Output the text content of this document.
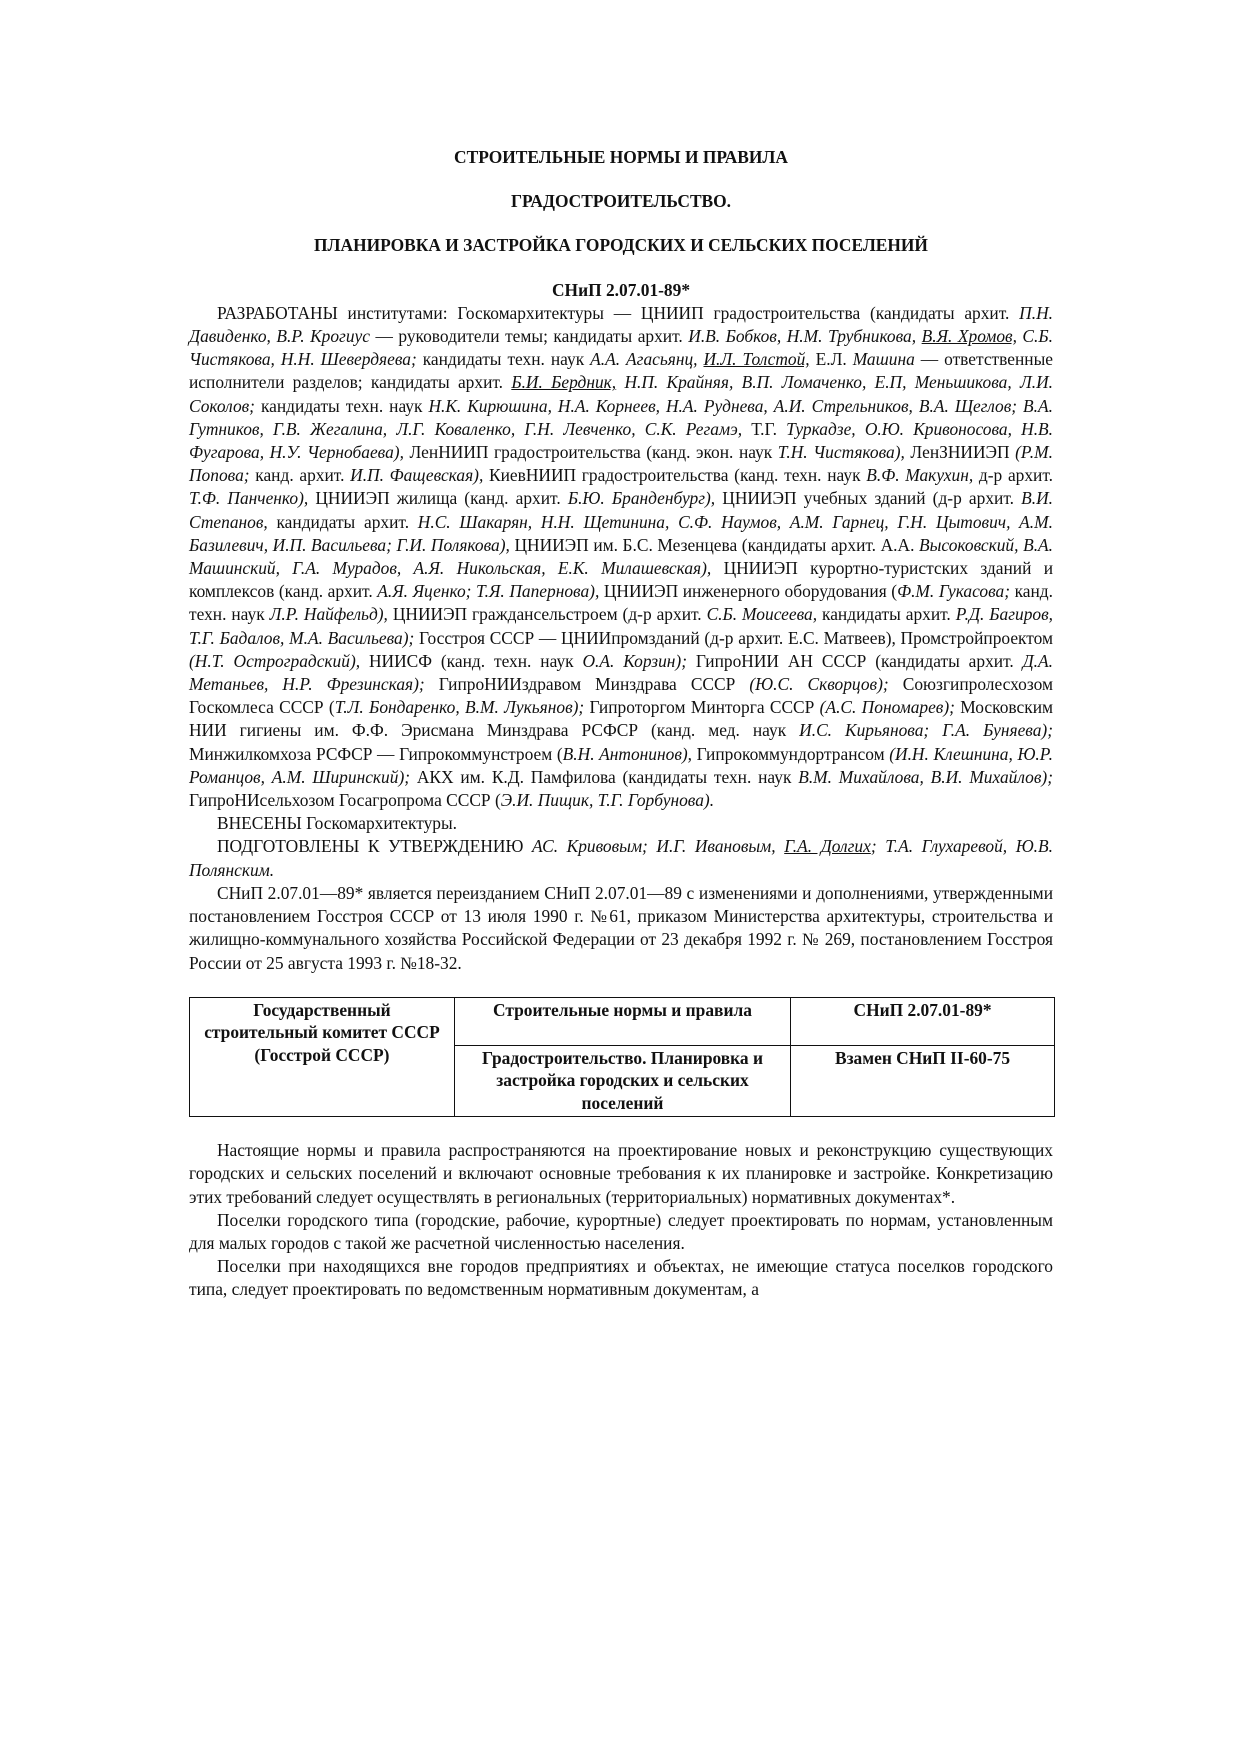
СТРОИТЕЛЬНЫЕ НОРМЫ И ПРАВИЛА

ГРАДОСТРОИТЕЛЬСТВО.

ПЛАНИРОВКА И ЗАСТРОЙКА ГОРОДСКИХ И СЕЛЬСКИХ ПОСЕЛЕНИЙ

СНиП 2.07.01-89*

РАЗРАБОТАНЫ институтами: Госкомархитектуры — ЦНИИП градостроительства (кандидаты архит. П.Н. Давиденко, В.Р. Крогиус — руководители темы; кандидаты архит. И.В. Бобков, Н.М. Трубникова, В.Я. Хромов, С.Б. Чистякова, Н.Н. Шевердяева; кандидаты техн. наук А.А. Агасьянц, И.Л. Толстой, Е.Л. Машина — ответственные исполнители разделов; кандидаты архит. Б.И. Бердник, Н.П. Крайняя, В.П. Ломаченко, Е.П, Меньшикова, Л.И. Соколов; кандидаты техн. наук Н.К. Кирюшина, Н.А. Корнеев, Н.А. Руднева, А.И. Стрельников, В.А. Щеглов; В.А. Гутников, Г.В. Жегалина, Л.Г. Коваленко, Г.Н. Левченко, С.К. Регамэ, Т.Г. Туркадзе, О.Ю. Кривоносова, Н.В. Фугарова, Н.У. Чернобаева), ЛенНИИП градостроительства (канд. экон. наук Т.Н. Чистякова), ЛенЗНИИЭП (Р.М. Попова; канд. архит. И.П. Фащевская), КиевНИИП градостроительства (канд. техн. наук В.Ф. Макухин, д-р архит. Т.Ф. Панченко), ЦНИИЭП жилища (канд. архит. Б.Ю. Бранденбург), ЦНИИЭП учебных зданий (д-р архит. В.И. Степанов, кандидаты архит. Н.С. Шакарян, Н.Н. Щетинина, С.Ф. Наумов, А.М. Гарнец, Г.Н. Цытович, А.М. Базилевич, И.П. Васильева; Г.И. Полякова), ЦНИИЭП им. Б.С. Мезенцева (кандидаты архит. А.А. Высоковский, В.А. Машинский, Г.А. Мурадов, А.Я. Никольская, Е.К. Милашевская), ЦНИИЭП курортно-туристских зданий и комплексов (канд. архит. А.Я. Яценко; Т.Я. Папернова), ЦНИИЭП инженерного оборудования (Ф.М. Гукасова; канд. техн. наук Л.Р. Найфельд), ЦНИИЭП граждансельстроем (д-р архит. С.Б. Моисеева, кандидаты архит. Р.Д. Багиров, Т.Г. Бадалов, М.А. Васильева); Госстроя СССР — ЦНИИпромзданий (д-р архит. Е.С. Матвеев), Промстройпроектом (Н.Т. Остроградский), НИИСФ (канд. техн. наук О.А. Корзин); ГипроНИИ АН СССР (кандидаты архит. Д.А. Метаньев, Н.Р. Фрезинская); ГипроНИИздравом Минздрава СССР (Ю.С. Скворцов); Союзгипролесхозом Госкомлеса СССР (Т.Л. Бондаренко, В.М. Лукьянов); Гипроторгом Минторга СССР (А.С. Пономарев); Московским НИИ гигиены им. Ф.Ф. Эрисмана Минздрава РСФСР (канд. мед. наук И.С. Кирьянова; Г.А. Буняева); Минжилкомхоза РСФСР — Гипрокоммунстроем (В.Н. Антонинов), Гипрокоммундортрансом (И.Н. Клешнина, Ю.Р. Романцов, А.М. Ширинский); АКХ им. К.Д. Памфилова (кандидаты техн. наук В.М. Михайлова, В.И. Михайлов); ГипроНИсельхозом Госагропрома СССР (Э.И. Пищик, Т.Г. Горбунова).

ВНЕСЕНЫ Госкомархитектуры.

ПОДГОТОВЛЕНЫ К УТВЕРЖДЕНИЮ АС. Кривовым; И.Г. Ивановым, Г.А. Долгих; Т.А. Глухаревой, Ю.В. Полянским.

СНиП 2.07.01—89* является переизданием СНиП 2.07.01—89 с изменениями и дополнениями, утвержденными постановлением Госстроя СССР от 13 июля 1990 г. №61, приказом Министерства архитектуры, строительства и жилищно-коммунального хозяйства Российской Федерации от 23 декабря 1992 г. № 269, постановлением Госстроя России от 25 августа 1993 г. №18-32.

Государственный строительный комитет СССР (Госстрой СССР)	Строительные нормы и правила	СНиП 2.07.01-89*
	Градостроительство. Планировка и застройка городских и сельских поселений	Взамен СНиП II-60-75

Настоящие нормы и правила распространяются на проектирование новых и реконструкцию существующих городских и сельских поселений и включают основные требования к их планировке и застройке. Конкретизацию этих требований следует осуществлять в региональных (территориальных) нормативных документах*.

Поселки городского типа (городские, рабочие, курортные) следует проектировать по нормам, установленным для малых городов с такой же расчетной численностью населения.

Поселки при находящихся вне городов предприятиях и объектах, не имеющие статуса поселков городского типа, следует проектировать по ведомственным нормативным документам, а
